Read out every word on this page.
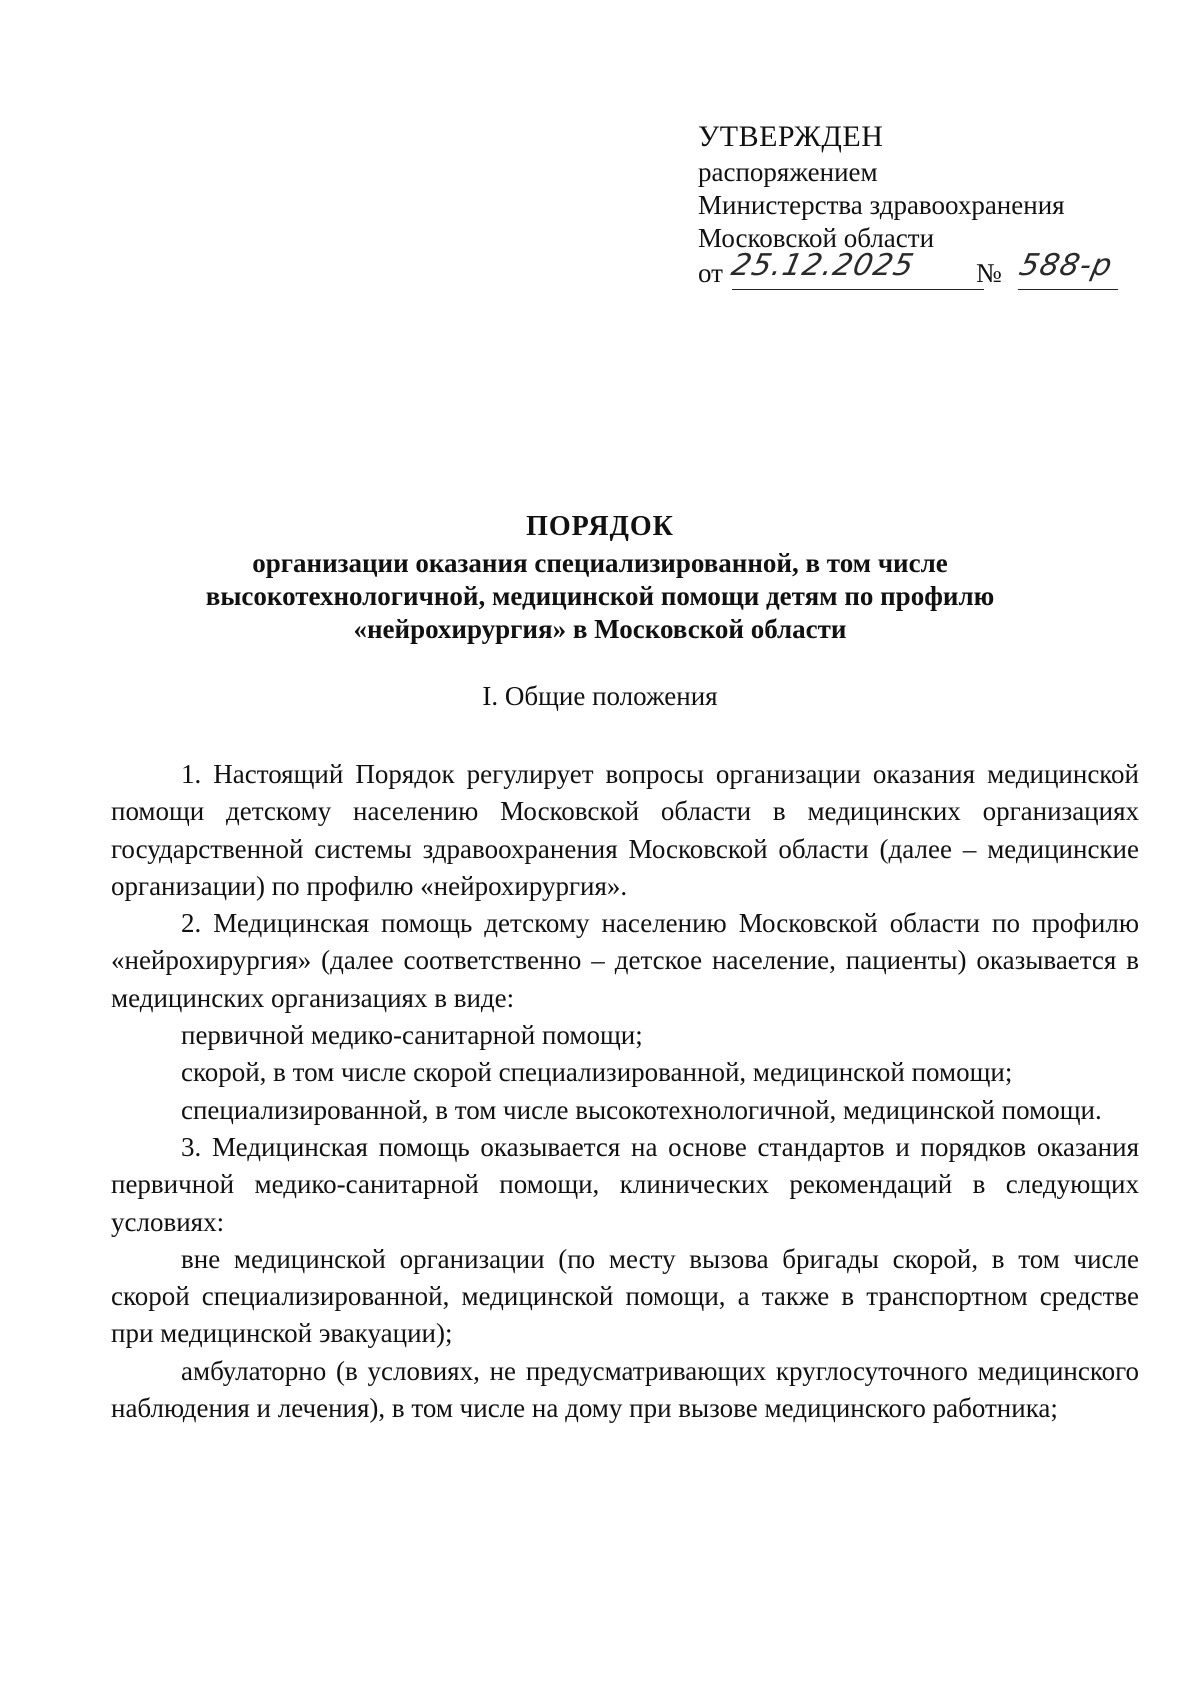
УТВЕРЖДЕН
распоряжением
Министерства здравоохранения
Московской области
от 25.12.2025 № 588-р
ПОРЯДОК
организации оказания специализированной, в том числе
высокотехнологичной, медицинской помощи детям по профилю
«нейрохирургия» в Московской области
I. Общие положения

1. Настоящий Порядок регулирует вопросы организации оказания медицинской помощи детскому населению Московской области в медицинских организациях государственной системы здравоохранения Московской области (далее – медицинские организации) по профилю «нейрохирургия».

2. Медицинская помощь детскому населению Московской области по профилю «нейрохирургия» (далее соответственно – детское население, пациенты) оказывается в медицинских организациях в виде:

первичной медико-санитарной помощи;

скорой, в том числе скорой специализированной, медицинской помощи;

специализированной, в том числе высокотехнологичной, медицинской помощи.

3. Медицинская помощь оказывается на основе стандартов и порядков оказания первичной медико-санитарной помощи, клинических рекомендаций в следующих условиях:

вне медицинской организации (по месту вызова бригады скорой, в том числе скорой специализированной, медицинской помощи, а также в транспортном средстве при медицинской эвакуации);

амбулаторно (в условиях, не предусматривающих круглосуточного медицинского наблюдения и лечения), в том числе на дому при вызове медицинского работника;
